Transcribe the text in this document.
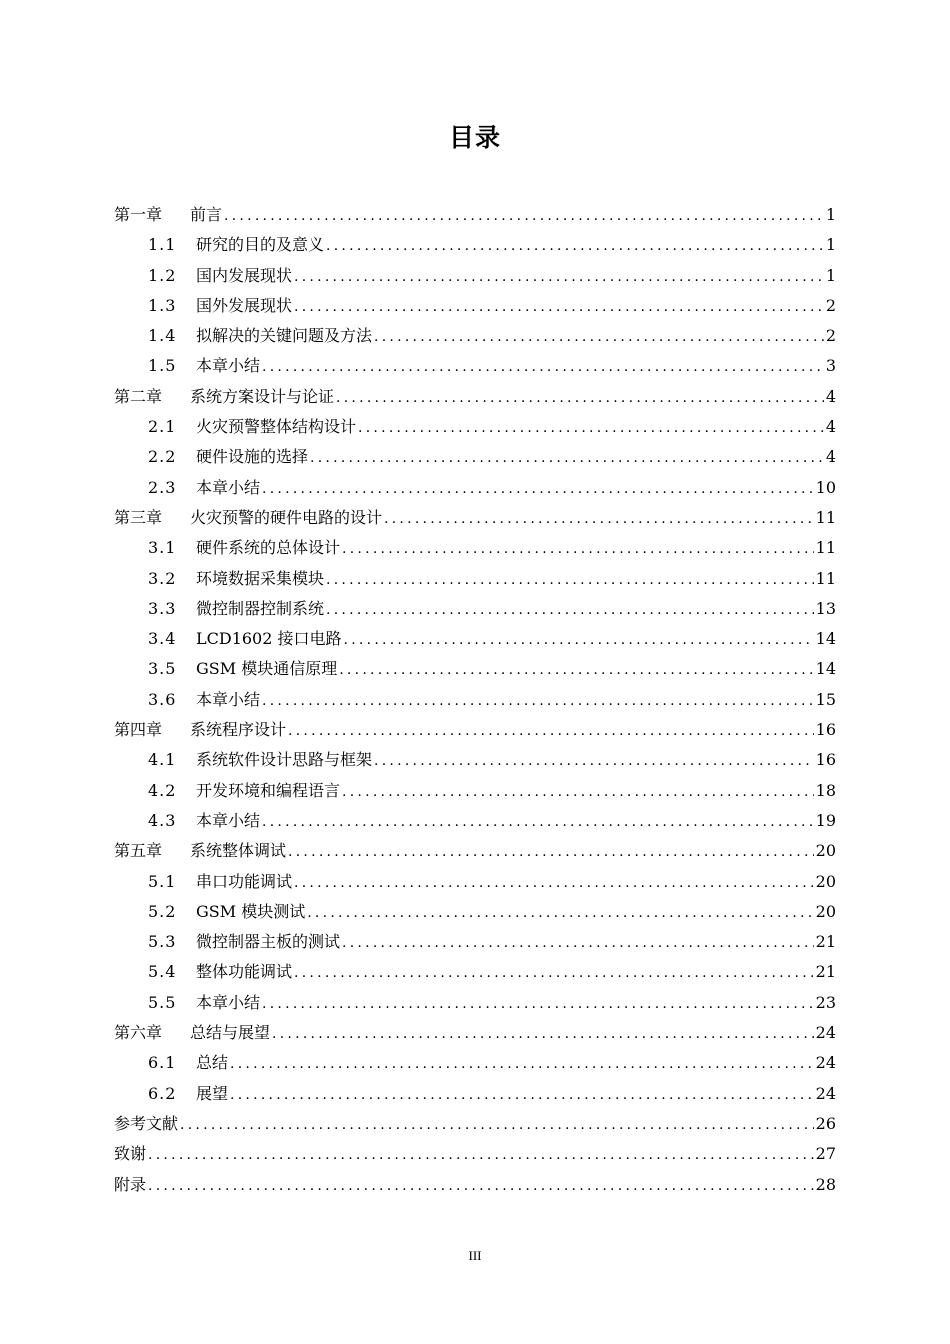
目录
第一章	前言 . . .	1
1.1	研究的目的及意义 . . .	1
1.2	国内发展现状 . . .	1
1.3	国外发展现状 . . .	2
1.4	拟解决的关键问题及方法 . . .	2
1.5	本章小结 . . .	3
第二章	系统方案设计与论证 . . .	4
2.1	火灾预警整体结构设计 . . .	4
2.2	硬件设施的选择 . . .	4
2.3	本章小结 . . .	10
第三章	火灾预警的硬件电路的设计 . . .	11
3.1	硬件系统的总体设计 . . .	11
3.2	环境数据采集模块 . . .	11
3.3	微控制器控制系统 . . .	13
3.4	LCD1602 接口电路 . . .	14
3.5	GSM 模块通信原理 . . .	14
3.6	本章小结 . . .	15
第四章	系统程序设计 . . .	16
4.1	系统软件设计思路与框架 . . .	16
4.2	开发环境和编程语言 . . .	18
4.3	本章小结 . . .	19
第五章	系统整体调试 . . .	20
5.1	串口功能调试 . . .	20
5.2	GSM 模块测试 . . .	20
5.3	微控制器主板的测试 . . .	21
5.4	整体功能调试 . . .	21
5.5	本章小结 . . .	23
第六章	总结与展望 . . .	24
6.1	总结 . . .	24
6.2	展望 . . .	24
参考文献 . . .	26
致谢 . . .	27
附录 . . .	28
III
